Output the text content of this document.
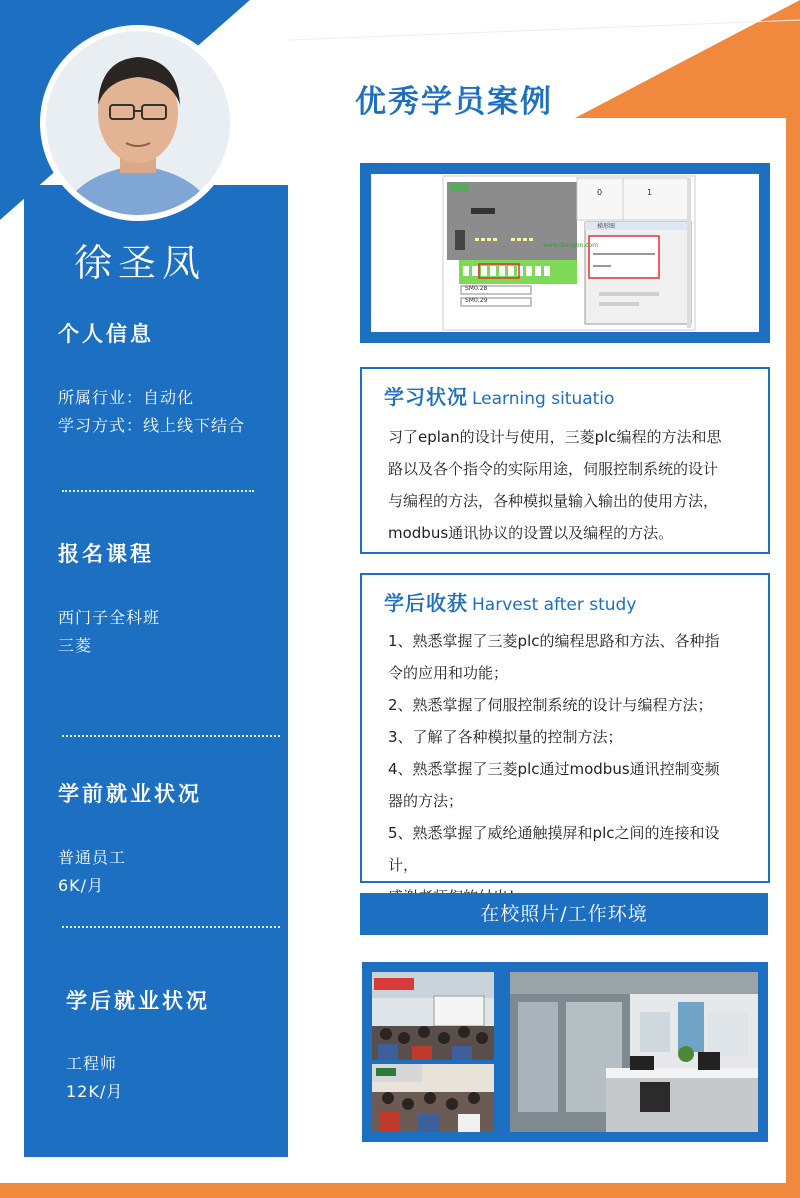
徐圣凤
个人信息
所属行业：自动化
学习方式：线上线下结合
报名课程
西门子全科班
三菱
学前就业状况
普通员工
6K/月
学后就业状况
工程师
12K/月
优秀学员案例
0	1
梯形图
www.diangon.com
SM0.28
SM0.29
学习状况 Learning situatio

习了eplan的设计与使用，三菱plc编程的方法和思

路以及各个指令的实际用途，伺服控制系统的设计

与编程的方法，各种模拟量输入输出的使用方法，

modbus通讯协议的设置以及编程的方法。

学后收获 Harvest after study

1、熟悉掌握了三菱plc的编程思路和方法、各种指

令的应用和功能；

2、熟悉掌握了伺服控制系统的设计与编程方法；

3、了解了各种模拟量的控制方法；

4、熟悉掌握了三菱plc通过modbus通讯控制变频

器的方法；

5、熟悉掌握了威纶通触摸屏和plc之间的连接和设计，

在校照片/工作环境
